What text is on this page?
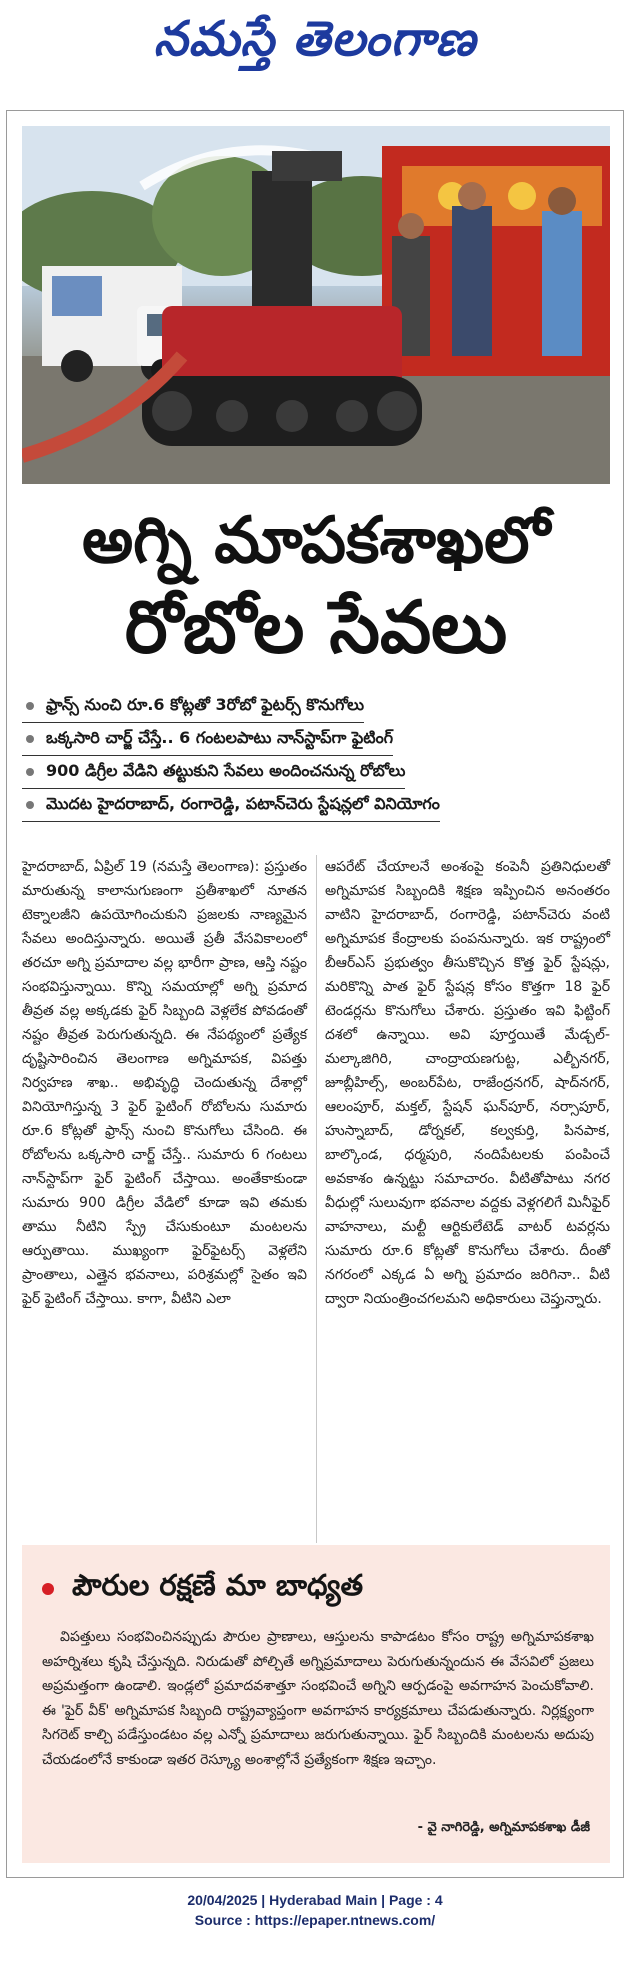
నమస్తే తెలంగాణ
అగ్ని మాపకశాఖలో
రోబోల సేవలు
ఫ్రాన్స్ నుంచి రూ.6 కోట్లతో 3రోబో ఫైటర్స్ కొనుగోలు
ఒక్కసారి చార్జ్ చేస్తే.. 6 గంటలపాటు నాన్‌స్టాప్‌గా ఫైటింగ్
900 డిగ్రీల వేడిని తట్టుకుని సేవలు అందించనున్న రోబోలు
మొదట హైదరాబాద్, రంగారెడ్డి, పటాన్‌చెరు స్టేషన్లలో వినియోగం

హైదరాబాద్, ఏప్రిల్ 19 (నమస్తే తెలంగాణ): ప్రస్తుతం మారుతున్న కాలానుగుణంగా ప్రతీశాఖలో నూతన టెక్నాలజీని ఉపయోగించుకుని ప్రజలకు నాణ్యమైన సేవలు అందిస్తున్నారు. అయితే ప్రతీ వేసవికాలంలో తరచూ అగ్ని ప్రమాదాల వల్ల భారీగా ప్రాణ, ఆస్తి నష్టం సంభవిస్తున్నాయి. కొన్ని సమయాల్లో అగ్ని ప్రమాద తీవ్రత వల్ల అక్కడకు ఫైర్ సిబ్బంది వెళ్లలేక పోవడంతో నష్టం తీవ్రత పెరుగుతున్నది. ఈ నేపథ్యంలో ప్రత్యేక దృష్టిసారించిన తెలంగాణ అగ్నిమాపక, విపత్తు నిర్వహణ శాఖ.. అభివృద్ధి చెందుతున్న దేశాల్లో వినియోగిస్తున్న 3 ఫైర్ ఫైటింగ్ రోబోలను సుమారు రూ.6 కోట్లతో ఫ్రాన్స్ నుంచి కొనుగోలు చేసింది. ఈ రోబోలను ఒక్కసారి చార్జ్ చేస్తే.. సుమారు 6 గంటలు నాన్‌స్టాప్‌గా ఫైర్ ఫైటింగ్ చేస్తాయి. అంతేకాకుండా సుమారు 900 డిగ్రీల వేడిలో కూడా ఇవి తమకు తాము నీటిని స్ప్రే చేసుకుంటూ మంటలను ఆర్పుతాయి. ముఖ్యంగా ఫైర్‌ఫైటర్స్ వెళ్లలేని ప్రాంతాలు, ఎత్తైన భవనాలు, పరిశ్రమల్లో సైతం ఇవి ఫైర్ ఫైటింగ్ చేస్తాయి. కాగా, వీటిని ఎలా

ఆపరేట్ చేయాలనే అంశంపై కంపెనీ ప్రతినిధులతో అగ్నిమాపక సిబ్బందికి శిక్షణ ఇప్పించిన అనంతరం వాటిని హైదరాబాద్, రంగారెడ్డి, పటాన్‌చెరు వంటి అగ్నిమాపక కేంద్రాలకు పంపనున్నారు. ఇక రాష్ట్రంలో బీఆర్ఎస్ ప్రభుత్వం తీసుకొచ్చిన కొత్త ఫైర్ స్టేషన్లు, మరికొన్ని పాత ఫైర్ స్టేషన్ల కోసం కొత్తగా 18 ఫైర్ టెండర్లను కొనుగోలు చేశారు. ప్రస్తుతం ఇవి ఫిట్టింగ్ దశలో ఉన్నాయి. అవి పూర్తయితే మేడ్చల్-మల్కాజిగిరి, చాంద్రాయణగుట్ట, ఎల్బీనగర్, జూబ్లీహిల్స్, అంబర్‌పేట, రాజేంద్రనగర్, షాద్‌నగర్, ఆలంపూర్, మక్తల్, స్టేషన్ ఘన్‌పూర్, నర్సాపూర్, హుస్నాబాద్, డోర్నకల్, కల్వకుర్తి, పినపాక, బాల్కొండ, ధర్మపురి, నందిపేటలకు పంపించే అవకాశం ఉన్నట్టు సమాచారం. వీటితోపాటు నగర వీధుల్లో సులువుగా భవనాల వద్దకు వెళ్లగలిగే మినీఫైర్ వాహనాలు, మల్టీ ఆర్టికులేటెడ్ వాటర్ టవర్లను సుమారు రూ.6 కోట్లతో కొనుగోలు చేశారు. దీంతో నగరంలో ఎక్కడ ఏ అగ్ని ప్రమాదం జరిగినా.. వీటి ద్వారా నియంత్రించగలమని అధికారులు చెప్తున్నారు.

పౌరుల రక్షణే మా బాధ్యత

విపత్తులు సంభవించినప్పుడు పౌరుల ప్రాణాలు, ఆస్తులను కాపాడటం కోసం రాష్ట్ర అగ్నిమాపకశాఖ అహర్నిశలు కృషి చేస్తున్నది. నిరుడుతో పోల్చితే అగ్నిప్రమాదాలు పెరుగుతున్నందున ఈ వేసవిలో ప్రజలు అప్రమత్తంగా ఉండాలి. ఇండ్లలో ప్రమాదవశాత్తూ సంభవించే అగ్నిని ఆర్పడంపై అవగాహన పెంచుకోవాలి. ఈ 'ఫైర్ వీక్' అగ్నిమాపక సిబ్బంది రాష్ట్రవ్యాప్తంగా అవగాహన కార్యక్రమాలు చేపడుతున్నారు. నిర్లక్ష్యంగా సిగరెట్ కాల్చి పడేస్తుండటం వల్ల ఎన్నో ప్రమాదాలు జరుగుతున్నాయి. ఫైర్ సిబ్బందికి మంటలను అదుపు చేయడంలోనే కాకుండా ఇతర రెస్క్యూ అంశాల్లోనే ప్రత్యేకంగా శిక్షణ ఇచ్చాం.

- వై నాగిరెడ్డి, అగ్నిమాపకశాఖ డీజీ

20/04/2025 | Hyderabad Main | Page : 4
Source : https://epaper.ntnews.com/
